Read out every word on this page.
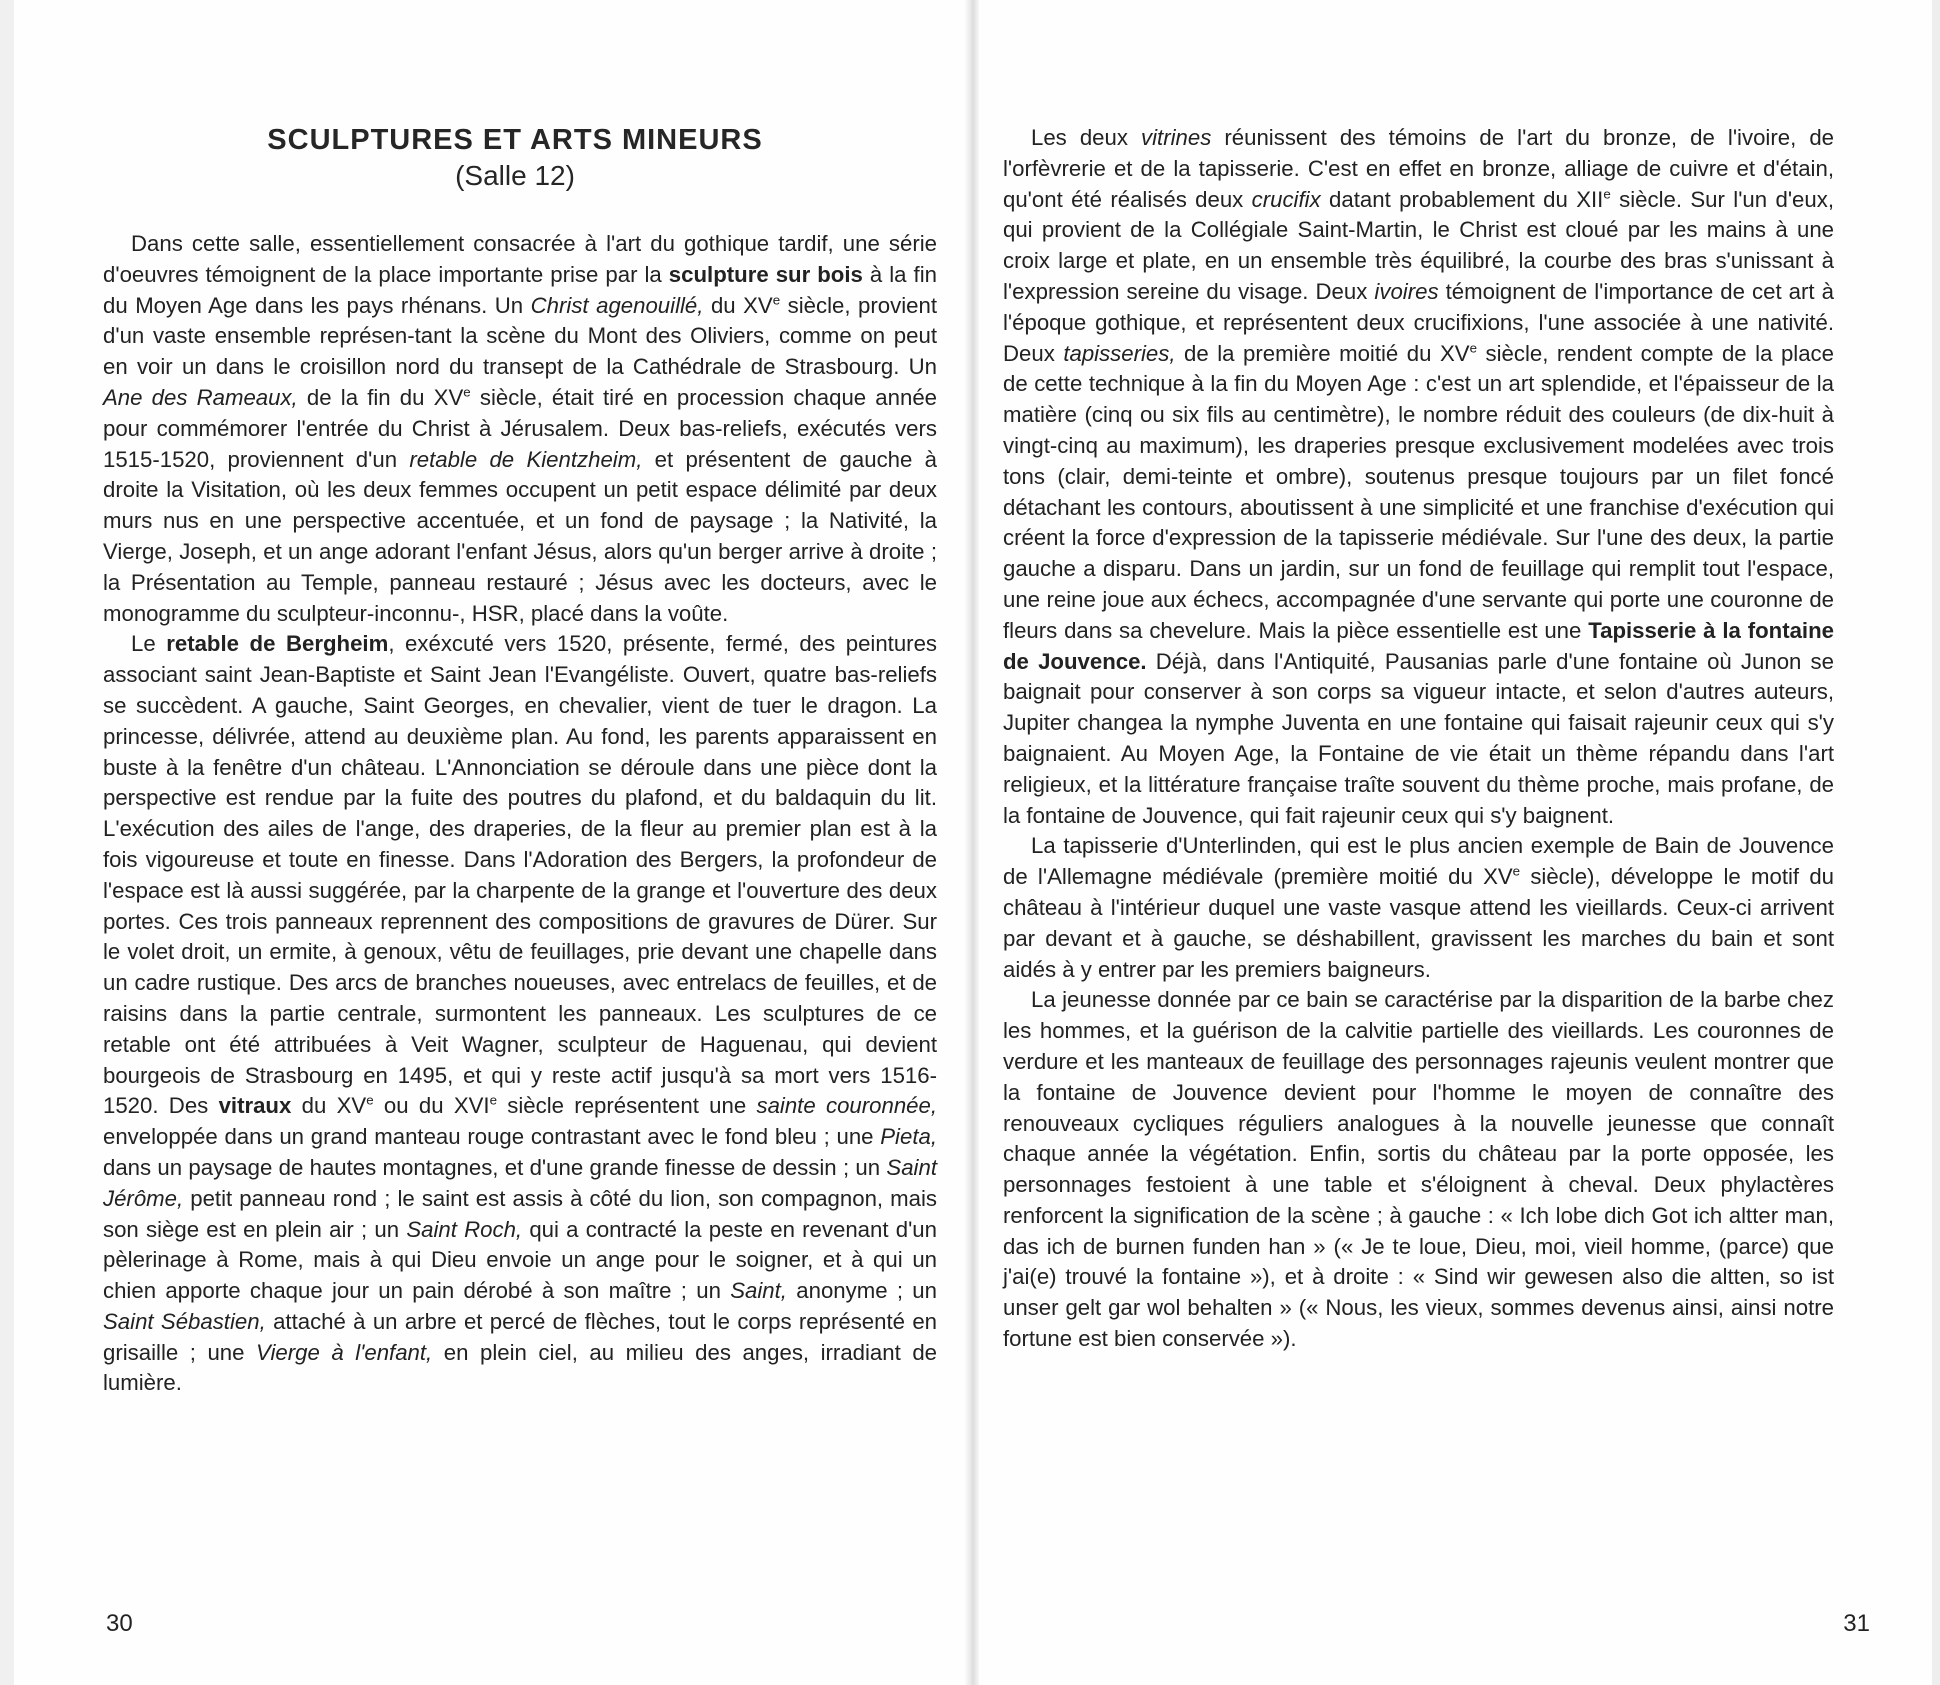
SCULPTURES ET ARTS MINEURS
(Salle 12)

Dans cette salle, essentiellement consacrée à l'art du gothique tardif, une série d'oeuvres témoignent de la place importante prise par la sculpture sur bois à la fin du Moyen Age dans les pays rhénans. Un Christ agenouillé, du XVe siècle, provient d'un vaste ensemble représen-tant la scène du Mont des Oliviers, comme on peut en voir un dans le croisillon nord du transept de la Cathédrale de Strasbourg. Un Ane des Rameaux, de la fin du XVe siècle, était tiré en procession chaque année pour commémorer l'entrée du Christ à Jérusalem. Deux bas-reliefs, exécutés vers 1515-1520, proviennent d'un retable de Kientzheim, et présentent de gauche à droite la Visitation, où les deux femmes occupent un petit espace délimité par deux murs nus en une perspective accentuée, et un fond de paysage ; la Nativité, la Vierge, Joseph, et un ange adorant l'enfant Jésus, alors qu'un berger arrive à droite ; la Présentation au Temple, panneau restauré ; Jésus avec les docteurs, avec le monogramme du sculpteur-inconnu-, HSR, placé dans la voûte.

Le retable de Bergheim, exéxcuté vers 1520, présente, fermé, des peintures associant saint Jean-Baptiste et Saint Jean l'Evangéliste. Ouvert, quatre bas-reliefs se succèdent. A gauche, Saint Georges, en chevalier, vient de tuer le dragon. La princesse, délivrée, attend au deuxième plan. Au fond, les parents apparaissent en buste à la fenêtre d'un château. L'Annonciation se déroule dans une pièce dont la perspective est rendue par la fuite des poutres du plafond, et du baldaquin du lit. L'exécution des ailes de l'ange, des draperies, de la fleur au premier plan est à la fois vigoureuse et toute en finesse. Dans l'Adoration des Bergers, la profondeur de l'espace est là aussi suggérée, par la charpente de la grange et l'ouverture des deux portes. Ces trois panneaux reprennent des compositions de gravures de Dürer. Sur le volet droit, un ermite, à genoux, vêtu de feuillages, prie devant une chapelle dans un cadre rustique. Des arcs de branches noueuses, avec entrelacs de feuilles, et de raisins dans la partie centrale, surmontent les panneaux. Les sculptures de ce retable ont été attribuées à Veit Wagner, sculpteur de Haguenau, qui devient bourgeois de Strasbourg en 1495, et qui y reste actif jusqu'à sa mort vers 1516-1520. Des vitraux du XVe ou du XVIe siècle représentent une sainte couronnée, enveloppée dans un grand manteau rouge contrastant avec le fond bleu ; une Pieta, dans un paysage de hautes montagnes, et d'une grande finesse de dessin ; un Saint Jérôme, petit panneau rond ; le saint est assis à côté du lion, son compagnon, mais son siège est en plein air ; un Saint Roch, qui a contracté la peste en revenant d'un pèlerinage à Rome, mais à qui Dieu envoie un ange pour le soigner, et à qui un chien apporte chaque jour un pain dérobé à son maître ; un Saint, anonyme ; un Saint Sébastien, attaché à un arbre et percé de flèches, tout le corps représenté en grisaille ; une Vierge à l'enfant, en plein ciel, au milieu des anges, irradiant de lumière.

30

Les deux vitrines réunissent des témoins de l'art du bronze, de l'ivoire, de l'orfèvrerie et de la tapisserie. C'est en effet en bronze, alliage de cuivre et d'étain, qu'ont été réalisés deux crucifix datant probablement du XIIe siècle. Sur l'un d'eux, qui provient de la Collégiale Saint-Martin, le Christ est cloué par les mains à une croix large et plate, en un ensemble très équilibré, la courbe des bras s'unissant à l'expression sereine du visage. Deux ivoires témoignent de l'importance de cet art à l'époque gothique, et représentent deux crucifixions, l'une associée à une nativité. Deux tapisseries, de la première moitié du XVe siècle, rendent compte de la place de cette technique à la fin du Moyen Age : c'est un art splendide, et l'épaisseur de la matière (cinq ou six fils au centimètre), le nombre réduit des couleurs (de dix-huit à vingt-cinq au maximum), les draperies presque exclusivement modelées avec trois tons (clair, demi-teinte et ombre), soutenus presque toujours par un filet foncé détachant les contours, aboutissent à une simplicité et une franchise d'exécution qui créent la force d'expression de la tapisserie médiévale. Sur l'une des deux, la partie gauche a disparu. Dans un jardin, sur un fond de feuillage qui remplit tout l'espace, une reine joue aux échecs, accompagnée d'une servante qui porte une couronne de fleurs dans sa chevelure. Mais la pièce essentielle est une Tapisserie à la fontaine de Jouvence. Déjà, dans l'Antiquité, Pausanias parle d'une fontaine où Junon se baignait pour conserver à son corps sa vigueur intacte, et selon d'autres auteurs, Jupiter changea la nymphe Juventa en une fontaine qui faisait rajeunir ceux qui s'y baignaient. Au Moyen Age, la Fontaine de vie était un thème répandu dans l'art religieux, et la littérature française traîte souvent du thème proche, mais profane, de la fontaine de Jouvence, qui fait rajeunir ceux qui s'y baignent.

La tapisserie d'Unterlinden, qui est le plus ancien exemple de Bain de Jouvence de l'Allemagne médiévale (première moitié du XVe siècle), développe le motif du château à l'intérieur duquel une vaste vasque attend les vieillards. Ceux-ci arrivent par devant et à gauche, se déshabillent, gravissent les marches du bain et sont aidés à y entrer par les premiers baigneurs.

La jeunesse donnée par ce bain se caractérise par la disparition de la barbe chez les hommes, et la guérison de la calvitie partielle des vieillards. Les couronnes de verdure et les manteaux de feuillage des personnages rajeunis veulent montrer que la fontaine de Jouvence devient pour l'homme le moyen de connaître des renouveaux cycliques réguliers analogues à la nouvelle jeunesse que connaît chaque année la végétation. Enfin, sortis du château par la porte opposée, les personnages festoient à une table et s'éloignent à cheval. Deux phylactères renforcent la signification de la scène ; à gauche : « Ich lobe dich Got ich altter man, das ich de burnen funden han » (« Je te loue, Dieu, moi, vieil homme, (parce) que j'ai(e) trouvé la fontaine »), et à droite : « Sind wir gewesen also die altten, so ist unser gelt gar wol behalten » (« Nous, les vieux, sommes devenus ainsi, ainsi notre fortune est bien conservée »).

31
